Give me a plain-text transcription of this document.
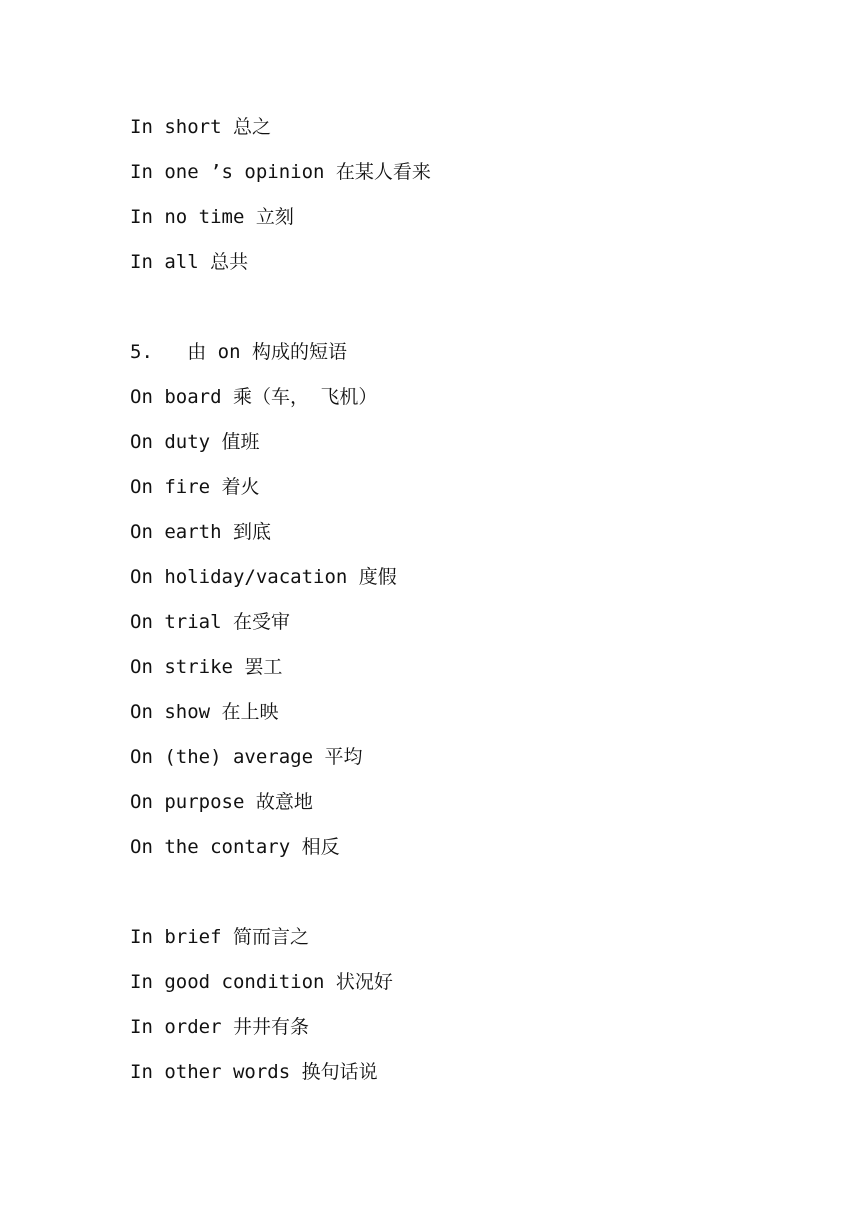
In short 总之
In one ’s opinion 在某人看来
In no time 立刻
In all 总共
5.   由 on 构成的短语
On board 乘（车， 飞机）
On duty 值班
On fire 着火
On earth 到底
On holiday/vacation 度假
On trial 在受审
On strike 罢工
On show 在上映
On (the) average 平均
On purpose 故意地
On the contary 相反
In brief 简而言之
In good condition 状况好
In order 井井有条
In other words 换句话说
